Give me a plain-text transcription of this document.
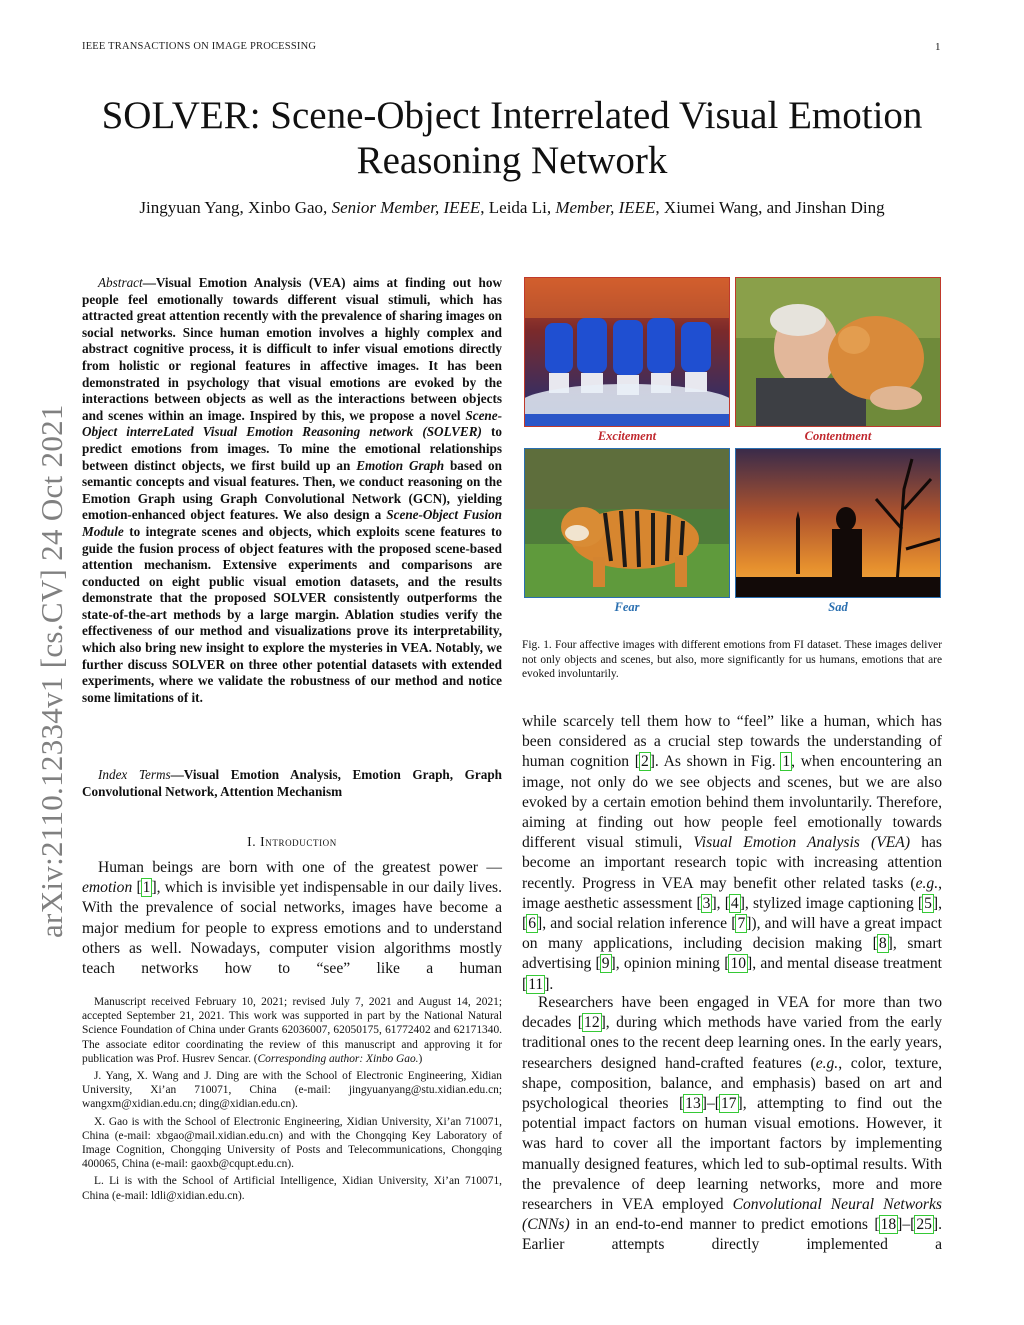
IEEE TRANSACTIONS ON IMAGE PROCESSING	1
SOLVER: Scene-Object Interrelated Visual Emotion Reasoning Network
Jingyuan Yang, Xinbo Gao, Senior Member, IEEE, Leida Li, Member, IEEE, Xiumei Wang, and Jinshan Ding
arXiv:2110.12334v1 [cs.CV] 24 Oct 2021
Abstract—Visual Emotion Analysis (VEA) aims at finding out how people feel emotionally towards different visual stimuli, which has attracted great attention recently with the prevalence of sharing images on social networks. Since human emotion involves a highly complex and abstract cognitive process, it is difficult to infer visual emotions directly from holistic or regional features in affective images. It has been demonstrated in psychology that visual emotions are evoked by the interactions between objects as well as the interactions between objects and scenes within an image. Inspired by this, we propose a novel Scene-Object interreLated Visual Emotion Reasoning network (SOLVER) to predict emotions from images. To mine the emotional relationships between distinct objects, we first build up an Emotion Graph based on semantic concepts and visual features. Then, we conduct reasoning on the Emotion Graph using Graph Convolutional Network (GCN), yielding emotion-enhanced object features. We also design a Scene-Object Fusion Module to integrate scenes and objects, which exploits scene features to guide the fusion process of object features with the proposed scene-based attention mechanism. Extensive experiments and comparisons are conducted on eight public visual emotion datasets, and the results demonstrate that the proposed SOLVER consistently outperforms the state-of-the-art methods by a large margin. Ablation studies verify the effectiveness of our method and visualizations prove its interpretability, which also bring new insight to explore the mysteries in VEA. Notably, we further discuss SOLVER on three other potential datasets with extended experiments, where we validate the robustness of our method and notice some limitations of it.
Index Terms—Visual Emotion Analysis, Emotion Graph, Graph Convolutional Network, Attention Mechanism
I. Introduction
Human beings are born with one of the greatest power — emotion [1], which is invisible yet indispensable in our daily lives. With the prevalence of social networks, images have become a major medium for people to express emotions and to understand others as well. Nowadays, computer vision algorithms mostly teach networks how to “see” like a human

Manuscript received February 10, 2021; revised July 7, 2021 and August 14, 2021; accepted September 21, 2021. This work was supported in part by the National Natural Science Foundation of China under Grants 62036007, 62050175, 61772402 and 62171340. The associate editor coordinating the review of this manuscript and approving it for publication was Prof. Husrev Sencar. (Corresponding author: Xinbo Gao.)

J. Yang, X. Wang and J. Ding are with the School of Electronic Engineering, Xidian University, Xi’an 710071, China (e-mail: jingyuanyang@stu.xidian.edu.cn; wangxm@xidian.edu.cn; ding@xidian.edu.cn).

X. Gao is with the School of Electronic Engineering, Xidian University, Xi’an 710071, China (e-mail: xbgao@mail.xidian.edu.cn) and with the Chongqing Key Laboratory of Image Cognition, Chongqing University of Posts and Telecommunications, Chongqing 400065, China (e-mail: gaoxb@cqupt.edu.cn).

L. Li is with the School of Artificial Intelligence, Xidian University, Xi’an 710071, China (e-mail: ldli@xidian.edu.cn).

Excitement	Contentment
Fear	Sad
Fig. 1. Four affective images with different emotions from FI dataset. These images deliver not only objects and scenes, but also, more significantly for us humans, emotions that are evoked involuntarily.
while scarcely tell them how to “feel” like a human, which has been considered as a crucial step towards the understanding of human cognition [2]. As shown in Fig. 1, when encountering an image, not only do we see objects and scenes, but we are also evoked by a certain emotion behind them involuntarily. Therefore, aiming at finding out how people feel emotionally towards different visual stimuli, Visual Emotion Analysis (VEA) has become an important research topic with increasing attention recently. Progress in VEA may benefit other related tasks (e.g., image aesthetic assessment [3], [4], stylized image captioning [5], [6], and social relation inference [7]), and will have a great impact on many applications, including decision making [8], smart advertising [9], opinion mining [10], and mental disease treatment [11].
Researchers have been engaged in VEA for more than two decades [12], during which methods have varied from the early traditional ones to the recent deep learning ones. In the early years, researchers designed hand-crafted features (e.g., color, texture, shape, composition, balance, and emphasis) based on art and psychological theories [13]–[17], attempting to find out the potential impact factors on human visual emotions. However, it was hard to cover all the important factors by implementing manually designed features, which led to sub-optimal results. With the prevalence of deep learning networks, more and more researchers in VEA employed Convolutional Neural Networks (CNNs) in an end-to-end manner to predict emotions [18]–[25]. Earlier attempts directly implemented a
